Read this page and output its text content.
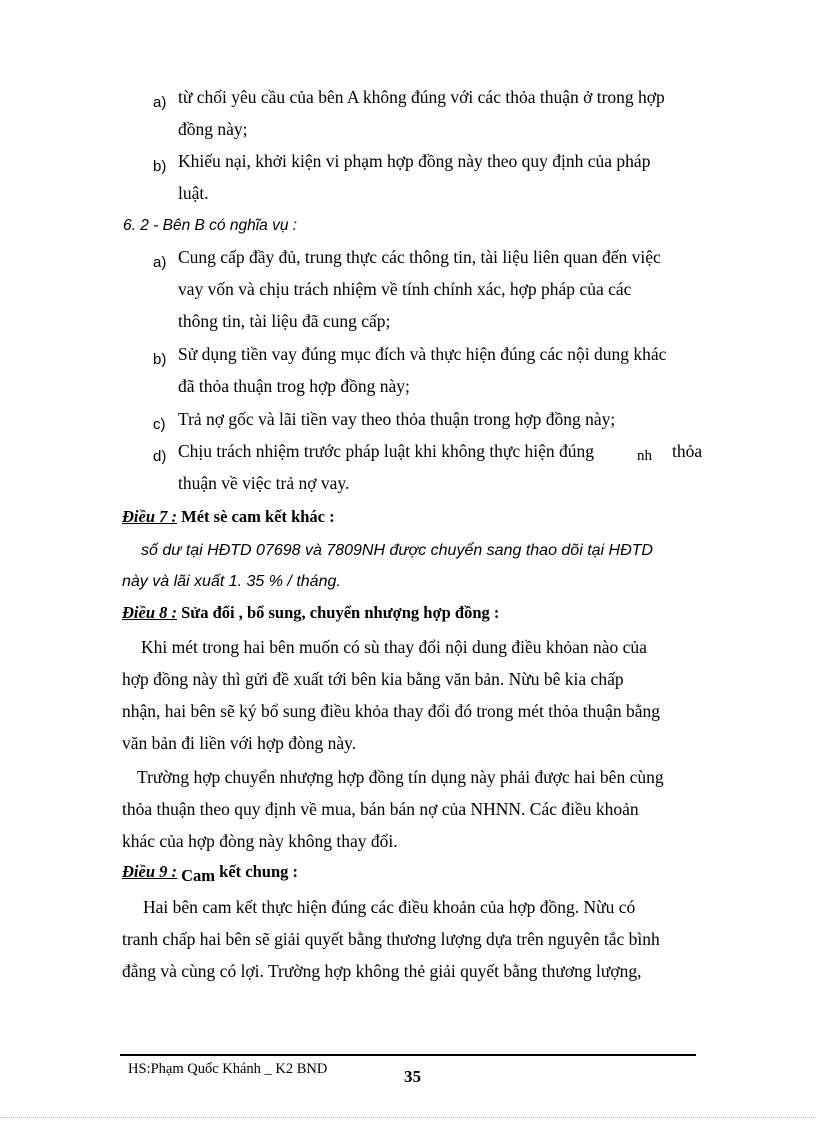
a) từ chối yêu cầu của bên A không đúng với các thỏa thuận ở trong hợp
đồng này;
b) Khiếu nại, khởi kiện vi phạm hợp đồng này theo quy định của pháp
luật.
6. 2 - Bên B có nghĩa vụ :
a) Cung cấp đầy đủ, trung thực các thông tin, tài liệu liên quan đến việc
vay vốn và chịu trách nhiệm về tính chính xác, hợp pháp của các
thông tin, tài liệu đã cung cấp;
b) Sử dụng tiền vay đúng mục đích và thực hiện đúng các nội dung khác
đã thỏa thuận trog hợp đồng này;
c) Trả nợ gốc và lãi tiền vay theo thỏa thuận trong hợp đồng này;
d) Chịu trách nhiệm trước pháp luật khi không thực hiện đúng	nh thỏa
thuận về việc trả nợ vay.
Điều 7 : Mét sè cam kết khác :
số dư tại HĐTD 07698 và 7809NH được chuyển sang thao dõi tại HĐTD
này và lãi xuất 1. 35 % / tháng.
Điều 8 : Sửa đổi , bổ sung, chuyển nhượng hợp đồng :
Khi mét trong hai bên muốn có sù thay đổi nội dung điều khỏan nào của
hợp đồng này thì gửi đề xuất tới bên kia bằng văn bản. Nừu bê kia chấp
nhận, hai bên sẽ ký bổ sung điều khỏa thay đổi đó trong mét thỏa thuận bằng
văn bản đi liền với hợp đòng này.
Trường hợp chuyển nhượng hợp đồng tín dụng này phải được hai bên cùng
thỏa thuận theo quy định về mua, bán bán nợ của NHNN. Các điều khoản
khác của hợp đòng này không thay đổi.
Điều 9 : Cam kết chung :
Hai bên cam kết thực hiện đúng các điều khoản của hợp đồng. Nừu có
tranh chấp hai bên sẽ giải quyết bằng thương lượng dựa trên nguyên tắc bình
đẳng và cùng có lợi. Trường hợp không thẻ giải quyết bằng thương lượng,
HS:Phạm Quốc Khánh _ K2 BND	35
